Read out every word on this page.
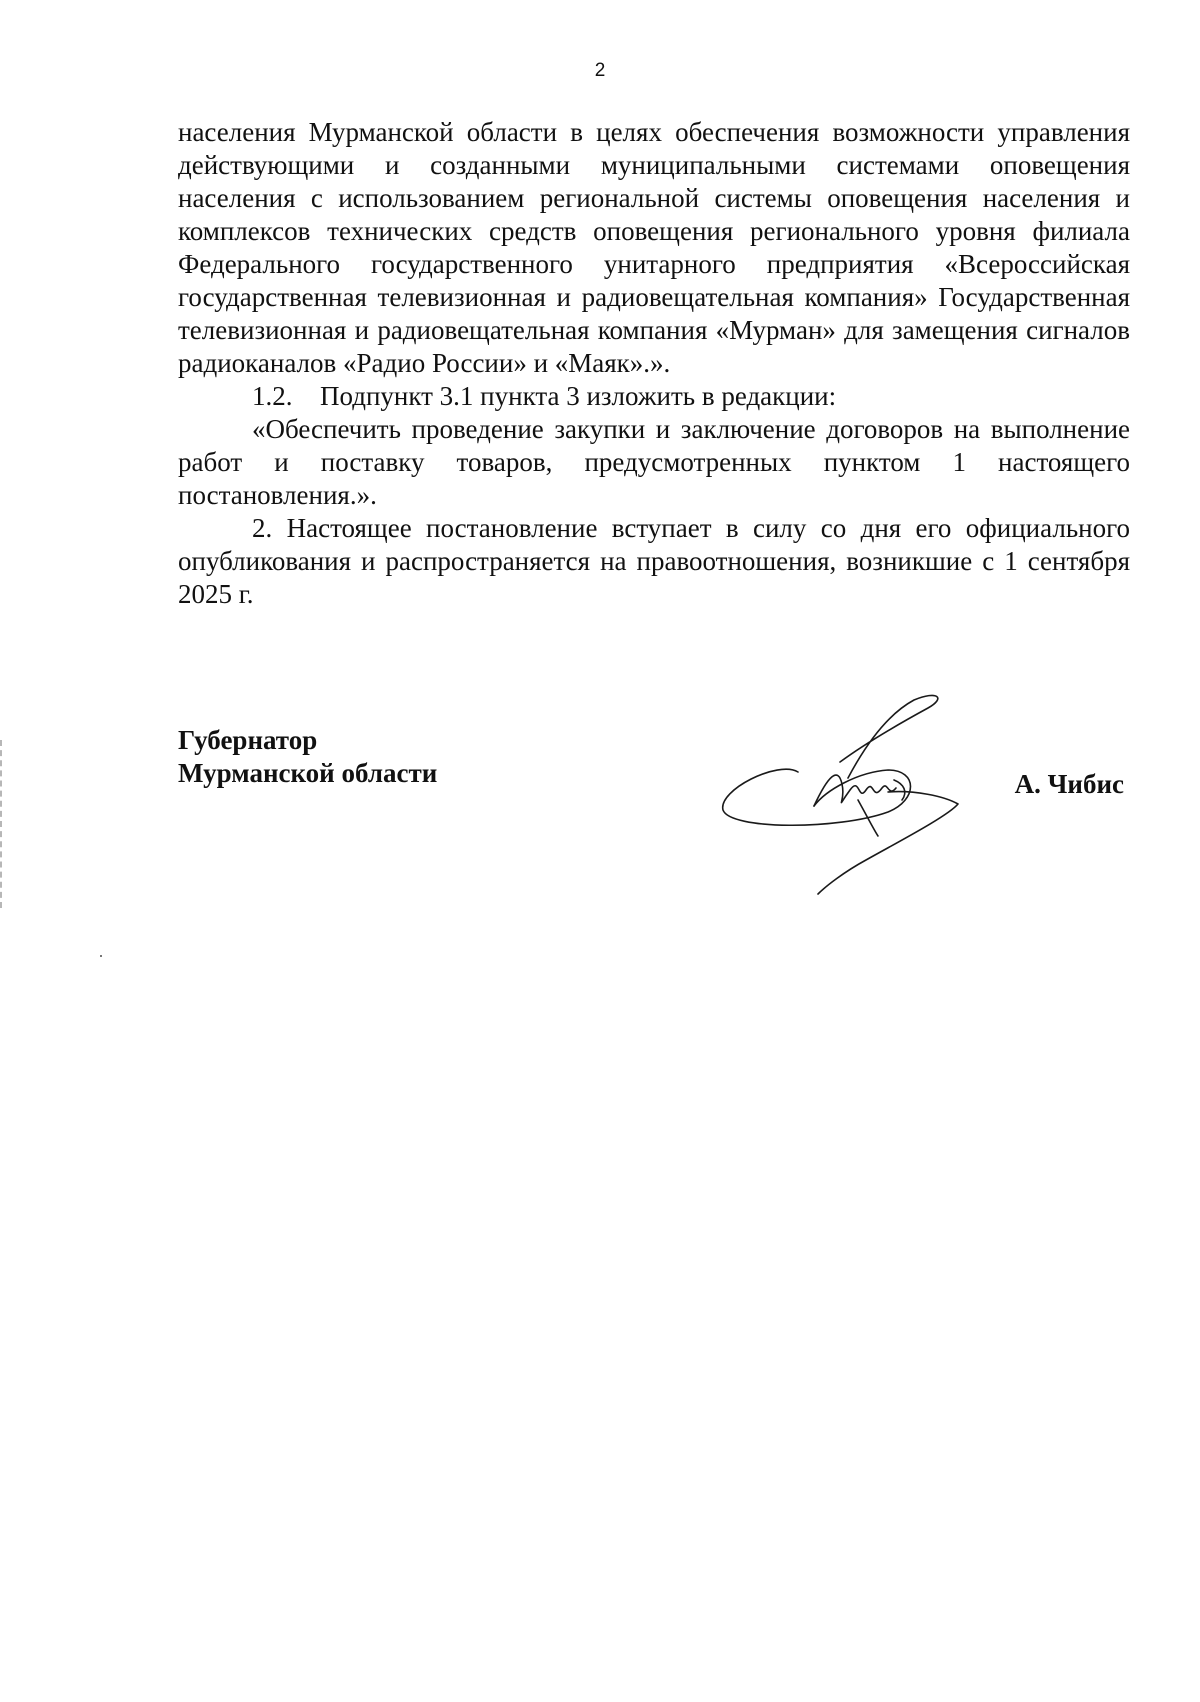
2

населения Мурманской области в целях обеспечения возможности управления действующими и созданными муниципальными системами оповещения населения с использованием региональной системы оповещения населения и комплексов технических средств оповещения регионального уровня филиала Федерального государственного унитарного предприятия «Всероссийская государственная телевизионная и радиовещательная компания» Государственная телевизионная и радиовещательная компания «Мурман» для замещения сигналов радиоканалов «Радио России» и «Маяк».».

1.2. Подпункт 3.1 пункта 3 изложить в редакции:

«Обеспечить проведение закупки и заключение договоров на выполнение работ и поставку товаров, предусмотренных пунктом 1 настоящего постановления.».

2. Настоящее постановление вступает в силу со дня его официального опубликования и распространяется на правоотношения, возникшие с 1 сентября 2025 г.

Губернатор
Мурманской области	А. Чибис
